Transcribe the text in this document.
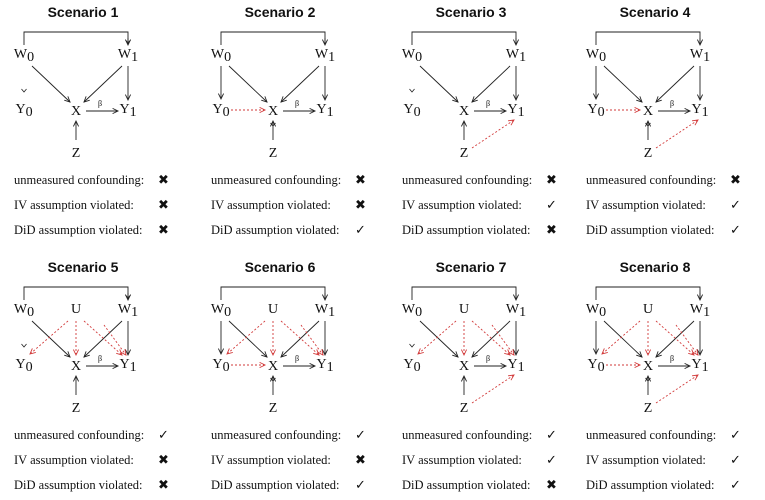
Scenario 1
W0	W1
Y0	X	Y1
Z
β
unmeasured confounding: ✖
IV assumption violated: ✖
DiD assumption violated: ✖
Scenario 2
W0	W1
Y0	X	Y1
Z
β
unmeasured confounding: ✖
IV assumption violated: ✖
DiD assumption violated: ✓
Scenario 3
W0	W1
Y0	X	Y1
Z
β
unmeasured confounding: ✖
IV assumption violated: ✓
DiD assumption violated: ✖
Scenario 4
W0	W1
Y0	X	Y1
Z
β
unmeasured confounding: ✖
IV assumption violated: ✓
DiD assumption violated: ✓
Scenario 5
W0	W1
Y0	X	Y1
Z
U
β
unmeasured confounding: ✓
IV assumption violated: ✖
DiD assumption violated: ✖
Scenario 6
W0	W1
Y0	X	Y1
Z
U
β
unmeasured confounding: ✓
IV assumption violated: ✖
DiD assumption violated: ✓
Scenario 7
W0	W1
Y0	X	Y1
Z
U
β
unmeasured confounding: ✓
IV assumption violated: ✓
DiD assumption violated: ✖
Scenario 8
W0	W1
Y0	X	Y1
Z
U
β
unmeasured confounding: ✓
IV assumption violated: ✓
DiD assumption violated: ✓
